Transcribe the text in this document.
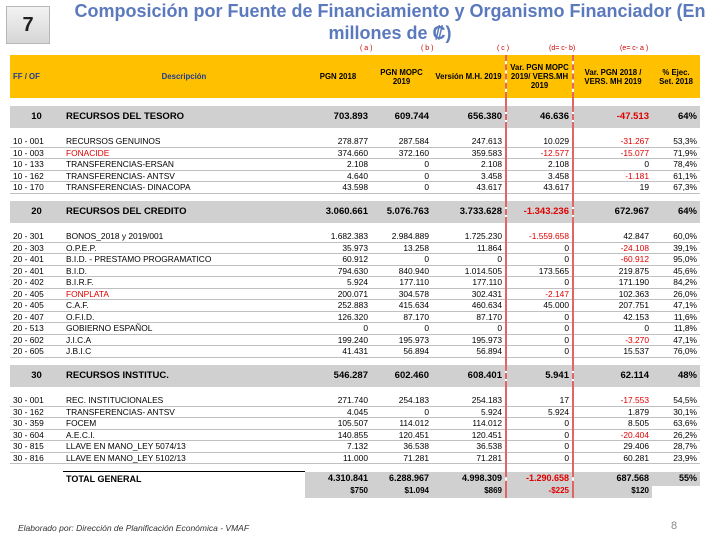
7
Composición por Fuente de Financiamiento y Organismo Financiador (En millones de ₡)
( a )	( b )	( c )	(d= c- b)	(e= c- a )
FF / OF	Descripción	PGN 2018	PGN MOPC 2019	Versión M.H. 2019	Var. PGN MOPC 2019/ VERS.MH 2019	Var. PGN 2018 / VERS. MH 2019	% Ejec. Set. 2018

10	RECURSOS DEL TESORO	703.893	609.744	656.380	46.636	-47.513	64%

10 - 001	RECURSOS GENUINOS	278.877	287.584	247.613	10.029	-31.267	53,3%
10 - 003	FONACIDE	374.660	372.160	359.583	-12.577	-15.077	71,9%
10 - 133	TRANSFERENCIAS-ERSAN	2.108	0	2.108	2.108	0	78,4%
10 - 162	TRANSFERENCIAS- ANTSV	4.640	0	3.458	3.458	-1.181	61,1%
10 - 170	TRANSFERENCIAS- DINACOPA	43.598	0	43.617	43.617	19	67,3%

20	RECURSOS DEL CREDITO	3.060.661	5.076.763	3.733.628	-1.343.236	672.967	64%

20 - 301	BONOS_2018 y 2019/001	1.682.383	2.984.889	1.725.230	-1.559.658	42.847	60,0%
20 - 303	O.P.E.P.	35.973	13.258	11.864	0	-24.108	39,1%
20 - 401	B.I.D. - PRESTAMO PROGRAMATICO	60.912	0	0	0	-60.912	95,0%
20 - 401	B.I.D.	794.630	840.940	1.014.505	173.565	219.875	45,6%
20 - 402	B.I.R.F.	5.924	177.110	177.110	0	171.190	84,2%
20 - 405	FONPLATA	200.071	304.578	302.431	-2.147	102.363	26,0%
20 - 405	C.A.F.	252.883	415.634	460.634	45.000	207.751	47,1%
20 - 407	O.F.I.D.	126.320	87.170	87.170	0	42.153	11,6%
20 - 513	GOBIERNO ESPAÑOL	0	0	0	0	0	11,8%
20 - 602	J.I.C.A	199.240	195.973	195.973	0	-3.270	47,1%
20 - 605	J.B.I.C	41.431	56.894	56.894	0	15.537	76,0%

30	RECURSOS INSTITUC.	546.287	602.460	608.401	5.941	62.114	48%

30 - 001	REC. INSTITUCIONALES	271.740	254.183	254.183	17	-17.553	54,5%
30 - 162	TRANSFERENCIAS- ANTSV	4.045	0	5.924	5.924	1.879	30,1%
30 - 359	FOCEM	105.507	114.012	114.012	0	8.505	63,6%
30 - 604	A.E.C.I.	140.855	120.451	120.451	0	-20.404	26,2%
30 - 815	LLAVE EN MANO_LEY 5074/13	7.132	36.538	36.538	0	29.406	28,7%
30 - 816	LLAVE EN MANO_LEY 5102/13	11.000	71.281	71.281	0	60.281	23,9%

	TOTAL GENERAL	4.310.841	6.288.967	4.998.309	-1.290.658	687.568	55%
		$750	$1.094	$869	-$225	$120	
Elaborado por: Dirección de Planificación Económica - VMAF	8
